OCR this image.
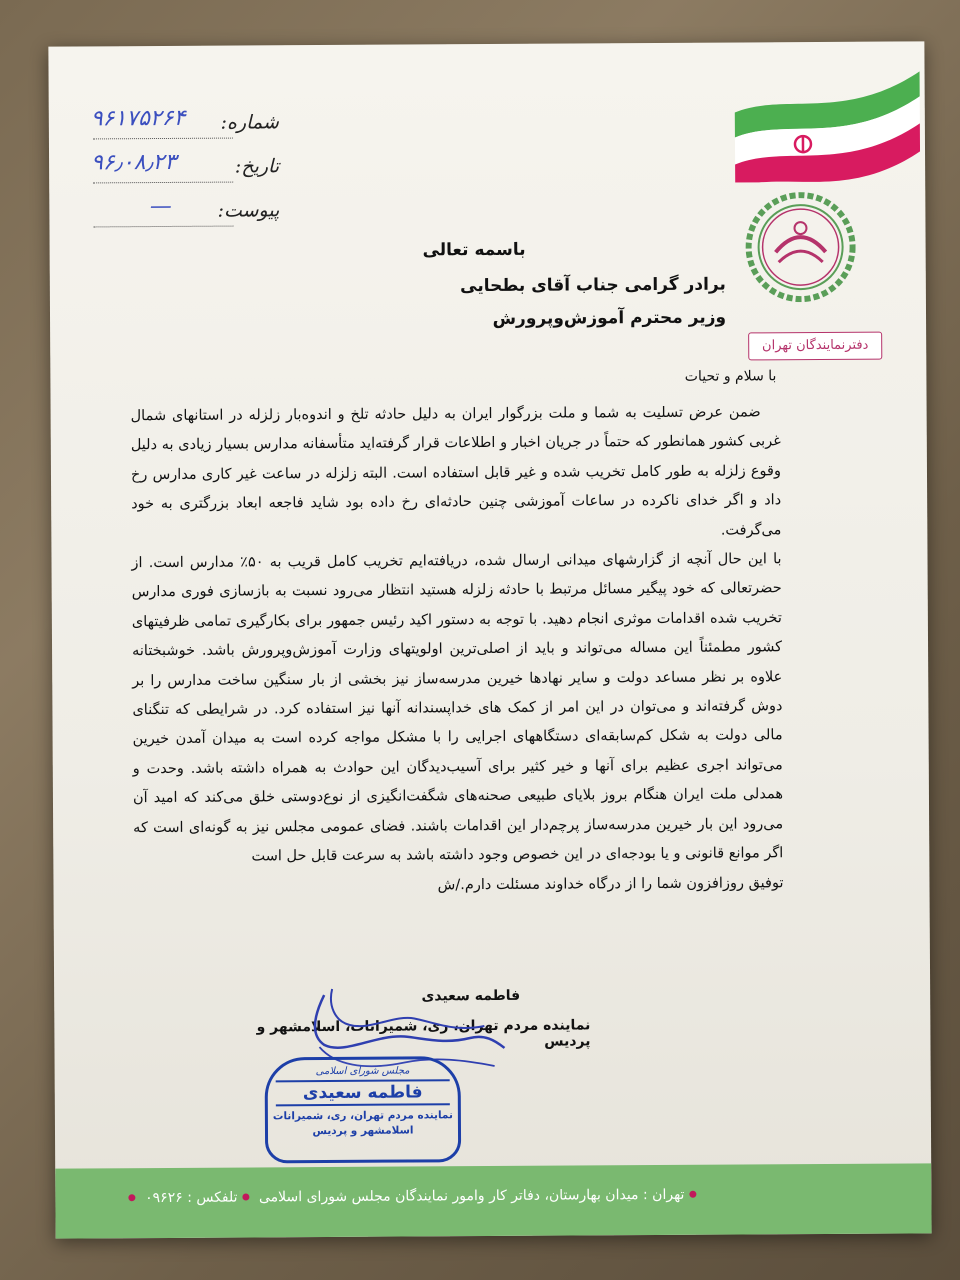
شماره:
۹۶۱۷۵۲۶۴
تاریخ:
۹۶٫۰۸٫۲۳
پیوست:
—
دفترنمایندگان تهران
باسمه تعالی
برادر گرامی جناب آقای بطحایی
وزیر محترم آموزش‌وپرورش
با سلام و تحیات
ضمن عرض تسلیت به شما و ملت بزرگوار ایران به دلیل حادثه تلخ و اندوه‌بار زلزله در استانهای شمال غربی کشور همانطور که حتماً در جریان اخبار و اطلاعات قرار گرفته‌اید متأسفانه مدارس بسیار زیادی به دلیل وقوع زلزله به طور کامل تخریب شده و غیر قابل استفاده است. البته زلزله در ساعت غیر کاری مدارس رخ داد و اگر خدای ناکرده در ساعات آموزشی چنین حادثه‌ای رخ داده بود شاید فاجعه ابعاد بزرگتری به خود می‌گرفت.
با این حال آنچه از گزارشهای میدانی ارسال شده، دریافته‌ایم تخریب کامل قریب به ۵۰٪ مدارس است. از حضرتعالی که خود پیگیر مسائل مرتبط با حادثه زلزله هستید انتظار می‌رود نسبت به بازسازی فوری مدارس تخریب شده اقدامات موثری انجام دهید. با توجه به دستور اکید رئیس جمهور برای بکارگیری تمامی ظرفیتهای کشور مطمئناً این مساله می‌تواند و باید از اصلی‌ترین اولویتهای وزارت آموزش‌وپرورش باشد. خوشبختانه علاوه بر نظر مساعد دولت و سایر نهادها خیرین مدرسه‌ساز نیز بخشی از بار سنگین ساخت مدارس را بر دوش گرفته‌اند و می‌توان در این امر از کمک های خداپسندانه آنها نیز استفاده کرد. در شرایطی که تنگنای مالی دولت به شکل کم‌سابقه‌ای دستگاههای اجرایی را با مشکل مواجه کرده است به میدان آمدن خیرین می‌تواند اجری عظیم برای آنها و خیر کثیر برای آسیب‌دیدگان این حوادث به همراه داشته باشد. وحدت و همدلی ملت ایران هنگام بروز بلایای طبیعی صحنه‌های شگفت‌انگیزی از نوع‌دوستی خلق می‌کند که امید آن می‌رود این بار خیرین مدرسه‌ساز پرچم‌دار این اقدامات باشند. فضای عمومی مجلس نیز به گونه‌ای است که اگر موانع قانونی و یا بودجه‌ای در این خصوص وجود داشته باشد به سرعت قابل حل است
توفیق روزافزون شما را از درگاه خداوند مسئلت دارم./ش
فاطمه سعیدی
نماینده مردم تهران، ری، شمیرانات، اسلامشهر و پردیس
مجلس شورای اسلامی
فاطمه سعیدی
نماینده مردم تهران، ری، شمیرانات
اسلامشهر و پردیس
تهران : میدان بهارستان، دفاتر کار وامور نمایندگان مجلس شورای اسلامی تلفکس : ۰۹۶۲۶
